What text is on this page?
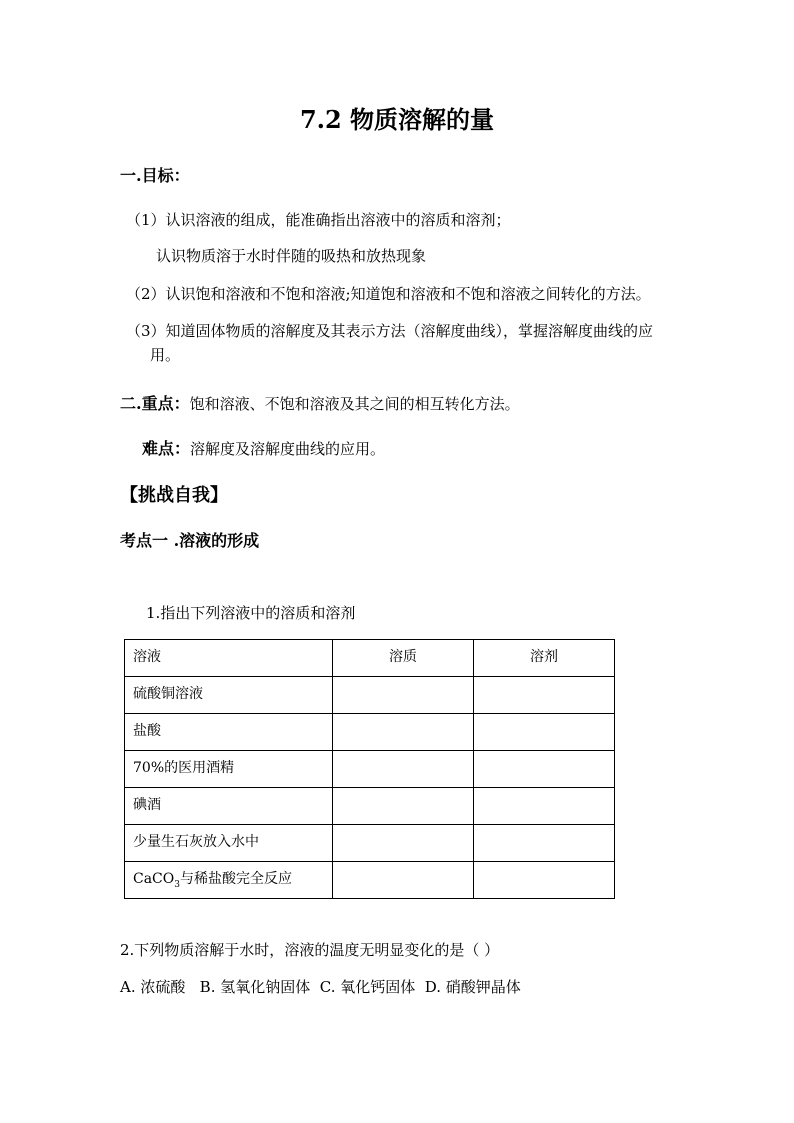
7.2 物质溶解的量
一.目标：
（1）认识溶液的组成，能准确指出溶液中的溶质和溶剂；
认识物质溶于水时伴随的吸热和放热现象
（2）认识饱和溶液和不饱和溶液;知道饱和溶液和不饱和溶液之间转化的方法。
（3）知道固体物质的溶解度及其表示方法（溶解度曲线），掌握溶解度曲线的应
用。
二.重点：饱和溶液、不饱和溶液及其之间的相互转化方法。
难点：溶解度及溶解度曲线的应用。
【挑战自我】
考点一 .溶液的形成
1.指出下列溶液中的溶质和溶剂
溶液	溶质	溶剂
硫酸铜溶液		
盐酸		
70%的医用酒精		
碘酒		
少量生石灰放入水中		
CaCO$_3$与稀盐酸完全反应		
2.下列物质溶解于水时，溶液的温度无明显变化的是（ ）
A. 浓硫酸   B. 氢氧化钠固体  C. 氧化钙固体  D. 硝酸钾晶体
